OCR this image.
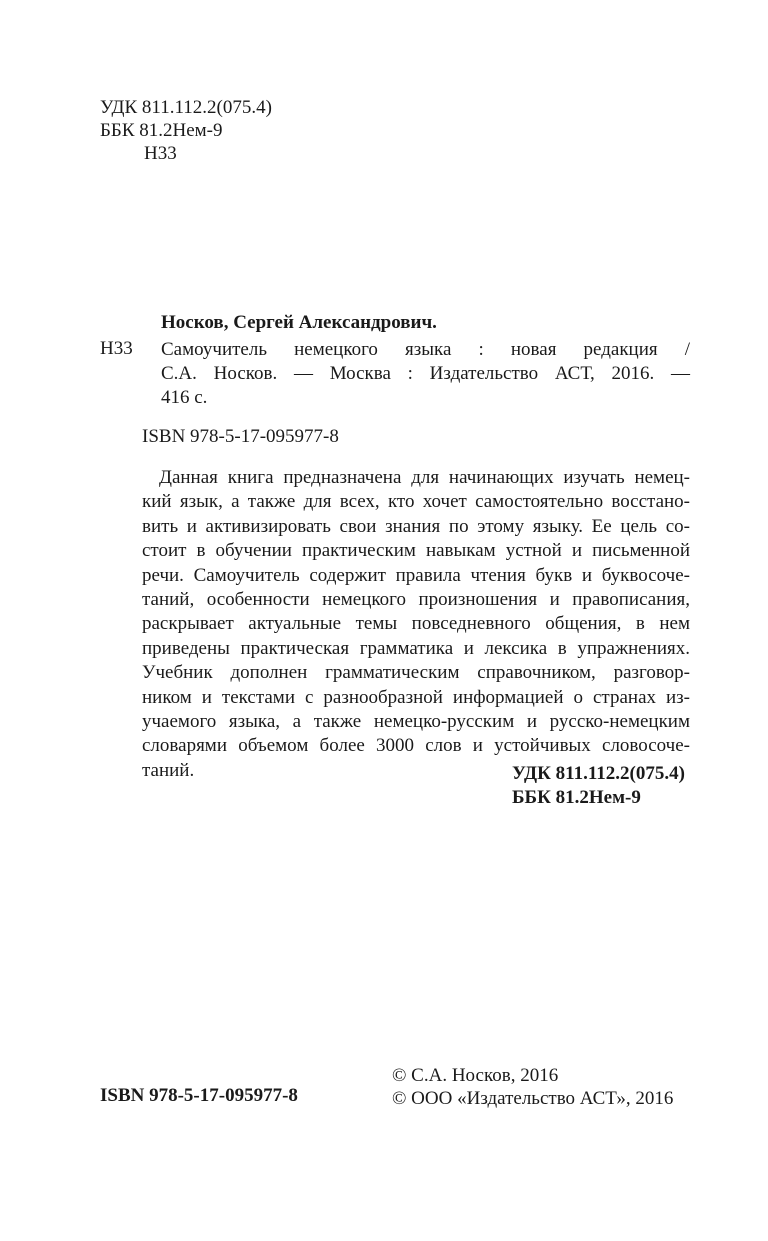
УДК 811.112.2(075.4)
ББК 81.2Нем-9
Н33
Носков, Сергей Александрович.
Н33 Самоучитель немецкого языка : новая редакция /
С.А. Носков. — Москва : Издательство АСТ, 2016. —
416 с.
ISBN 978-5-17-095977-8
Данная книга предназначена для начинающих изучать немец-
кий язык, а также для всех, кто хочет самостоятельно восстано-
вить и активизировать свои знания по этому языку. Ее цель со-
стоит в обучении практическим навыкам устной и письменной
речи. Самоучитель содержит правила чтения букв и буквосоче-
таний, особенности немецкого произношения и правописания,
раскрывает актуальные темы повседневного общения, в нем
приведены практическая грамматика и лексика в упражнениях.
Учебник дополнен грамматическим справочником, разговор-
ником и текстами с разнообразной информацией о странах из-
учаемого языка, а также немецко-русским и русско-немецким
словарями объемом более 3000 слов и устойчивых словосоче-
таний.	УДК 811.112.2(075.4)
ББК 81.2Нем-9
ISBN 978-5-17-095977-8
© С.А. Носков, 2016
© ООО «Издательство АСТ», 2016
